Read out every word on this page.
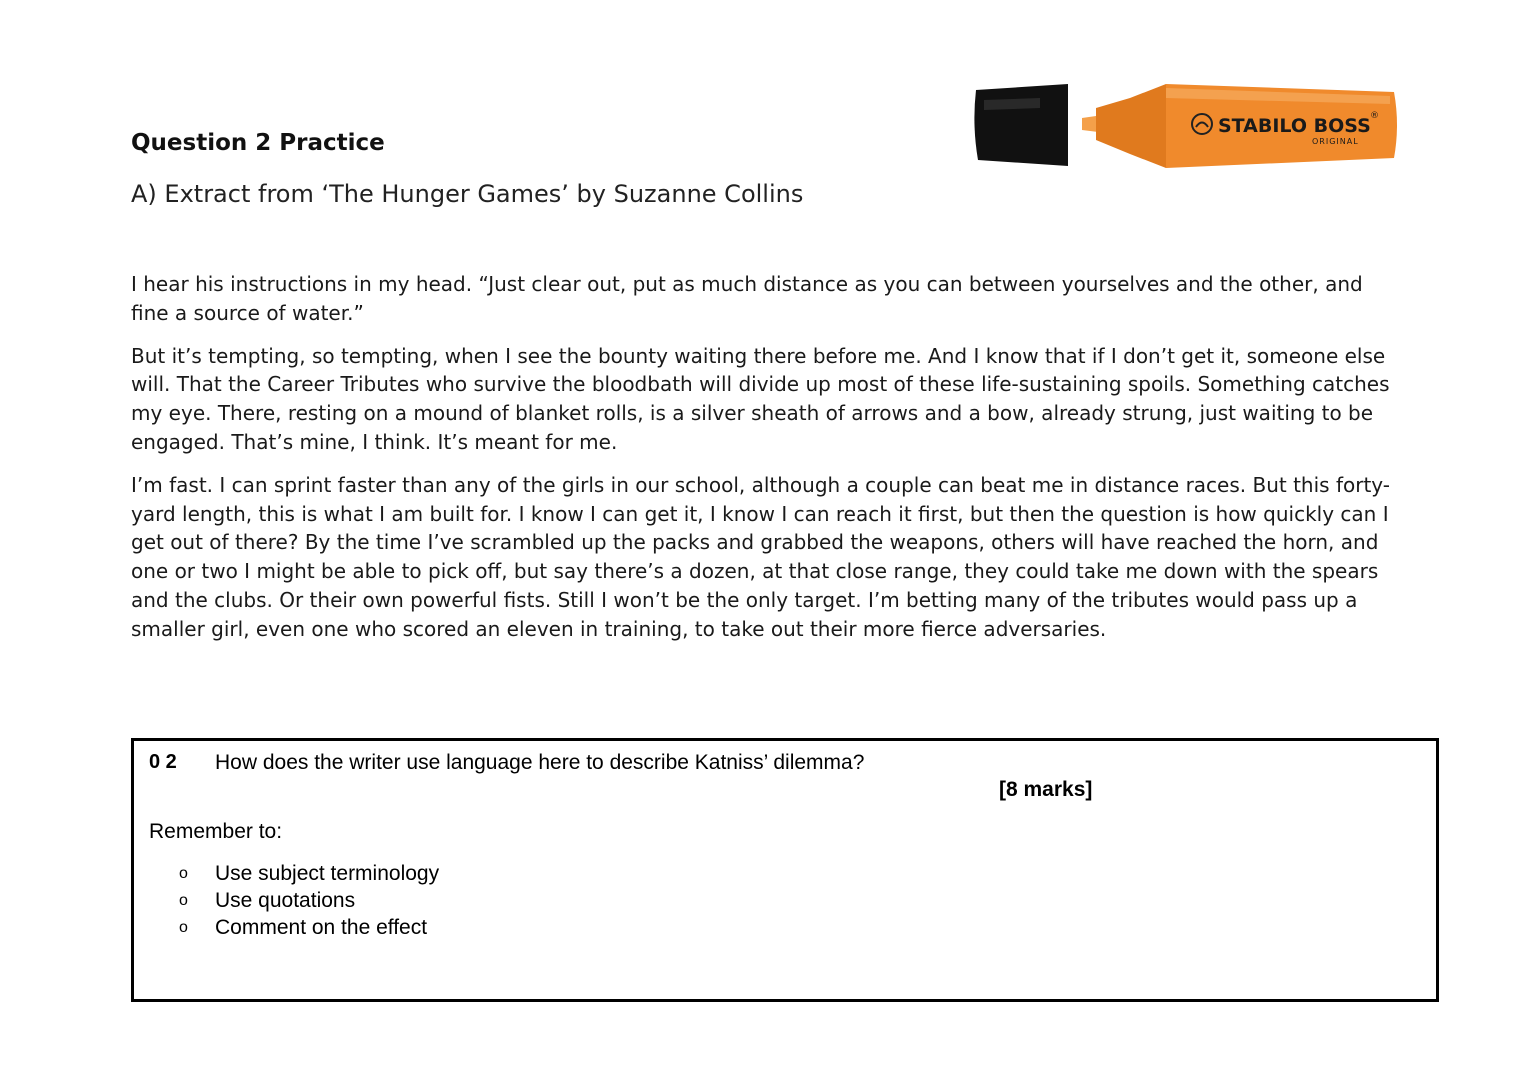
Question 2 Practice
A) Extract from ‘The Hunger Games’ by Suzanne Collins
STABILO BOSS ®
ORIGINAL

I hear his instructions in my head. “Just clear out, put as much distance as you can between yourselves and the other, and fine a source of water.”

But it’s tempting, so tempting, when I see the bounty waiting there before me. And I know that if I don’t get it, someone else will. That the Career Tributes who survive the bloodbath will divide up most of these life-sustaining spoils. Something catches my eye. There, resting on a mound of blanket rolls, is a silver sheath of arrows and a bow, already strung, just waiting to be engaged. That’s mine, I think. It’s meant for me.

I’m fast. I can sprint faster than any of the girls in our school, although a couple can beat me in distance races. But this forty-yard length, this is what I am built for. I know I can get it, I know I can reach it first, but then the question is how quickly can I get out of there? By the time I’ve scrambled up the packs and grabbed the weapons, others will have reached the horn, and one or two I might be able to pick off, but say there’s a dozen, at that close range, they could take me down with the spears and the clubs. Or their own powerful fists. Still I won’t be the only target. I’m betting many of the tributes would pass up a smaller girl, even one who scored an eleven in training, to take out their more fierce adversaries.

0 2 How does the writer use language here to describe Katniss’ dilemma?
[8 marks]
Remember to:
o	Use subject terminology
o	Use quotations
o	Comment on the effect
